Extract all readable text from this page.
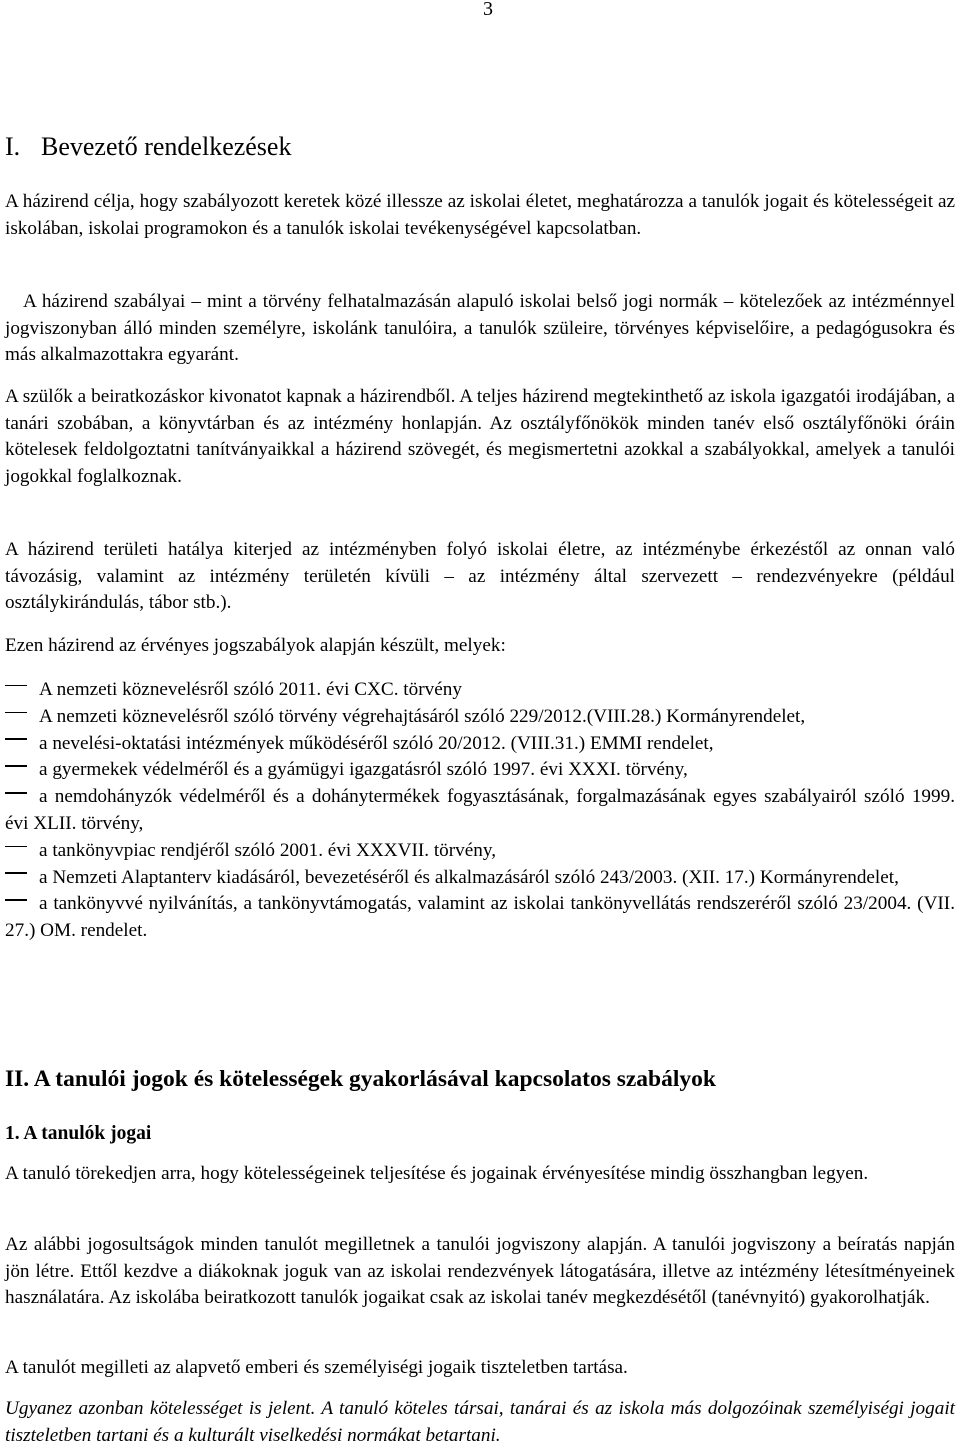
3
I. Bevezető rendelkezések

A házirend célja, hogy szabályozott keretek közé illessze az iskolai életet, meghatározza a tanulók jogait és kötelességeit az iskolában, iskolai programokon és a tanulók iskolai tevékenységével kapcsolatban.

A házirend szabályai – mint a törvény felhatalmazásán alapuló iskolai belső jogi normák – kötelezőek az intézménnyel jogviszonyban álló minden személyre, iskolánk tanulóira, a tanulók szüleire, törvényes képviselőire, a pedagógusokra és más alkalmazottakra egyaránt.

A szülők a beiratkozáskor kivonatot kapnak a házirendből. A teljes házirend megtekinthető az iskola igazgatói irodájában, a tanári szobában, a könyvtárban és az intézmény honlapján. Az osztályfőnökök minden tanév első osztályfőnöki óráin kötelesek feldolgoztatni tanítványaikkal a házirend szövegét, és megismertetni azokkal a szabályokkal, amelyek a tanulói jogokkal foglalkoznak.

A házirend területi hatálya kiterjed az intézményben folyó iskolai életre, az intézménybe érkezéstől az onnan való távozásig, valamint az intézmény területén kívüli – az intézmény által szervezett – rendezvényekre (például osztálykirándulás, tábor stb.).

Ezen házirend az érvényes jogszabályok alapján készült, melyek:

A nemzeti köznevelésről szóló 2011. évi CXC. törvény
A nemzeti köznevelésről szóló törvény végrehajtásáról szóló 229/2012.(VIII.28.) Kormányrendelet,
a nevelési-oktatási intézmények működéséről szóló 20/2012. (VIII.31.) EMMI rendelet,
a gyermekek védelméről és a gyámügyi igazgatásról szóló 1997. évi XXXI. törvény,
a nemdohányzók védelméről és a dohánytermékek fogyasztásának, forgalmazásának egyes szabályairól szóló 1999. évi XLII. törvény,
a tankönyvpiac rendjéről szóló 2001. évi XXXVII. törvény,
a Nemzeti Alaptanterv kiadásáról, bevezetéséről és alkalmazásáról szóló 243/2003. (XII. 17.) Kormányrendelet,
a tankönyvvé nyilvánítás, a tankönyvtámogatás, valamint az iskolai tankönyvellátás rendszeréről szóló 23/2004. (VII. 27.) OM. rendelet.
II. A tanulói jogok és kötelességek gyakorlásával kapcsolatos szabályok
1. A tanulók jogai

A tanuló törekedjen arra, hogy kötelességeinek teljesítése és jogainak érvényesítése mindig összhangban legyen.

Az alábbi jogosultságok minden tanulót megilletnek a tanulói jogviszony alapján. A tanulói jogviszony a beíratás napján jön létre. Ettől kezdve a diákoknak joguk van az iskolai rendezvények látogatására, illetve az intézmény létesítményeinek használatára. Az iskolába beiratkozott tanulók jogaikat csak az iskolai tanév megkezdésétől (tanévnyitó) gyakorolhatják.

A tanulót megilleti az alapvető emberi és személyiségi jogaik tiszteletben tartása.

Ugyanez azonban kötelességet is jelent. A tanuló köteles társai, tanárai és az iskola más dolgozóinak személyiségi jogait tiszteletben tartani és a kulturált viselkedési normákat betartani.
